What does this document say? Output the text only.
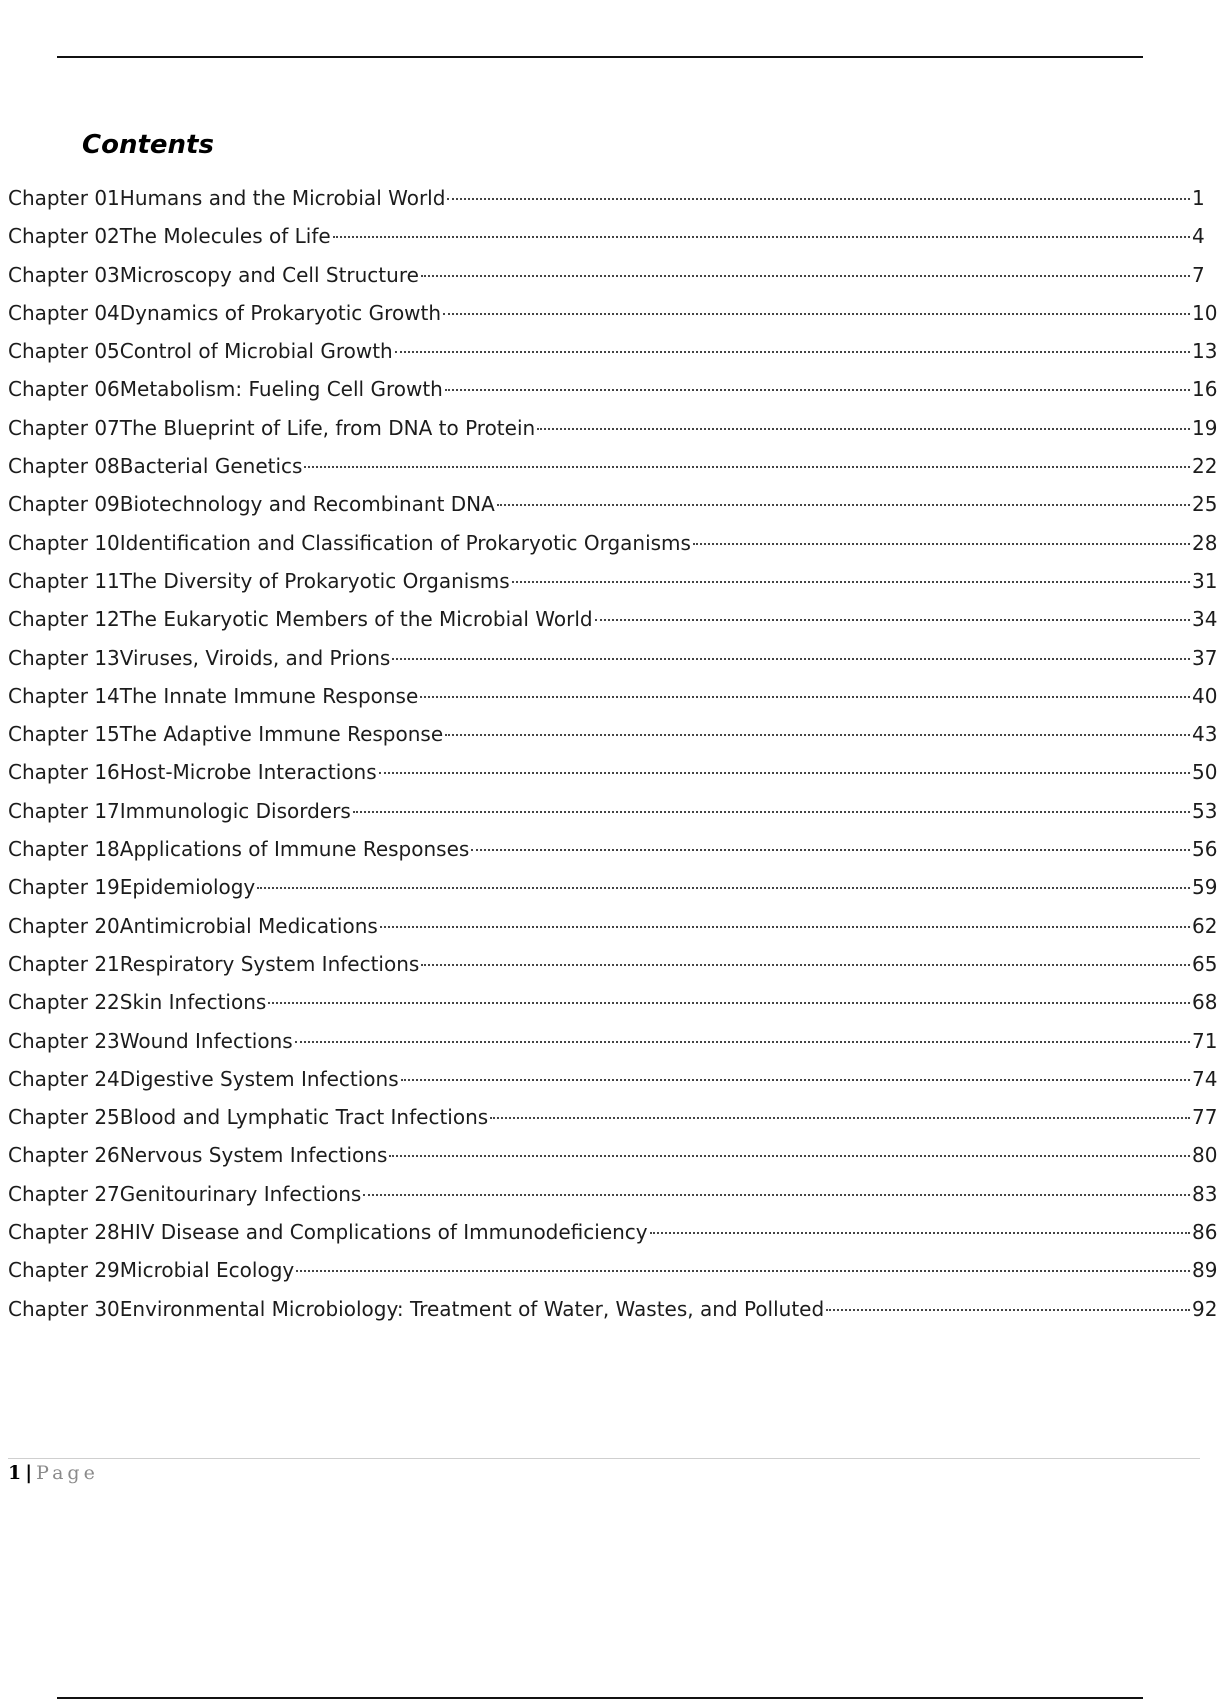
Contents
Chapter 01 Humans and the Microbial World	1
Chapter 02 The Molecules of Life	4
Chapter 03 Microscopy and Cell Structure	7
Chapter 04 Dynamics of Prokaryotic Growth	10
Chapter 05 Control of Microbial Growth	13
Chapter 06 Metabolism: Fueling Cell Growth	16
Chapter 07 The Blueprint of Life, from DNA to Protein	19
Chapter 08 Bacterial Genetics	22
Chapter 09 Biotechnology and Recombinant DNA	25
Chapter 10 Identification and Classification of Prokaryotic Organisms	28
Chapter 11 The Diversity of Prokaryotic Organisms	31
Chapter 12 The Eukaryotic Members of the Microbial World	34
Chapter 13 Viruses, Viroids, and Prions	37
Chapter 14 The Innate Immune Response	40
Chapter 15 The Adaptive Immune Response	43
Chapter 16 Host-Microbe Interactions	50
Chapter 17 Immunologic Disorders	53
Chapter 18 Applications of Immune Responses	56
Chapter 19 Epidemiology	59
Chapter 20 Antimicrobial Medications	62
Chapter 21 Respiratory System Infections	65
Chapter 22 Skin Infections	68
Chapter 23 Wound Infections	71
Chapter 24 Digestive System Infections	74
Chapter 25 Blood and Lymphatic Tract Infections	77
Chapter 26 Nervous System Infections	80
Chapter 27 Genitourinary Infections	83
Chapter 28 HIV Disease and Complications of Immunodeficiency	86
Chapter 29 Microbial Ecology	89
Chapter 30 Environmental Microbiology: Treatment of Water, Wastes, and Polluted	92
1 | Page
